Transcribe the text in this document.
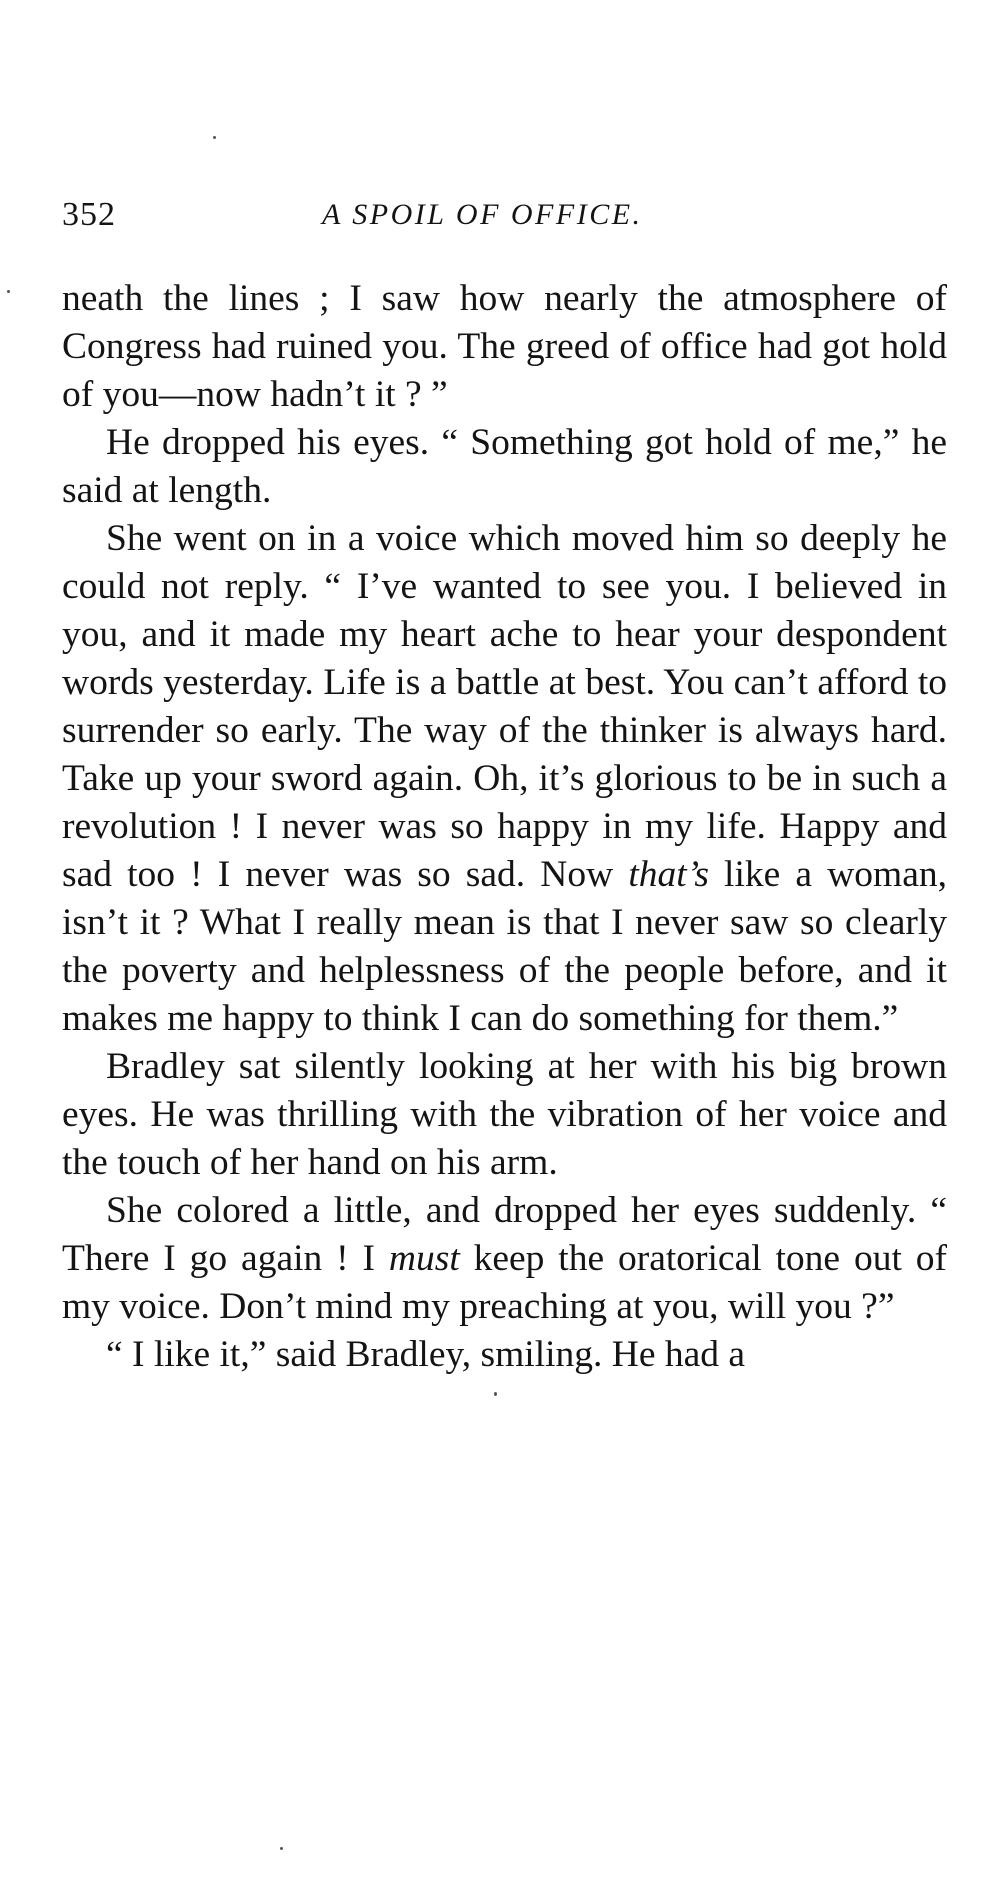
352	A SPOIL OF OFFICE.

neath the lines ; I saw how nearly the atmosphere of Congress had ruined you. The greed of office had got hold of you—now hadn’t it ? ”

He dropped his eyes. “ Something got hold of me,” he said at length.

She went on in a voice which moved him so deeply he could not reply. “ I’ve wanted to see you. I believed in you, and it made my heart ache to hear your despondent words yesterday. Life is a battle at best. You can’t afford to surrender so early. The way of the thinker is always hard. Take up your sword again. Oh, it’s glorious to be in such a revolution ! I never was so happy in my life. Happy and sad too ! I never was so sad. Now that’s like a woman, isn’t it ? What I really mean is that I never saw so clearly the poverty and helplessness of the people before, and it makes me happy to think I can do something for them.”

Bradley sat silently looking at her with his big brown eyes. He was thrilling with the vibration of her voice and the touch of her hand on his arm.

She colored a little, and dropped her eyes suddenly. “ There I go again ! I must keep the oratorical tone out of my voice. Don’t mind my preaching at you, will you ?”

“ I like it,” said Bradley, smiling. He had a
